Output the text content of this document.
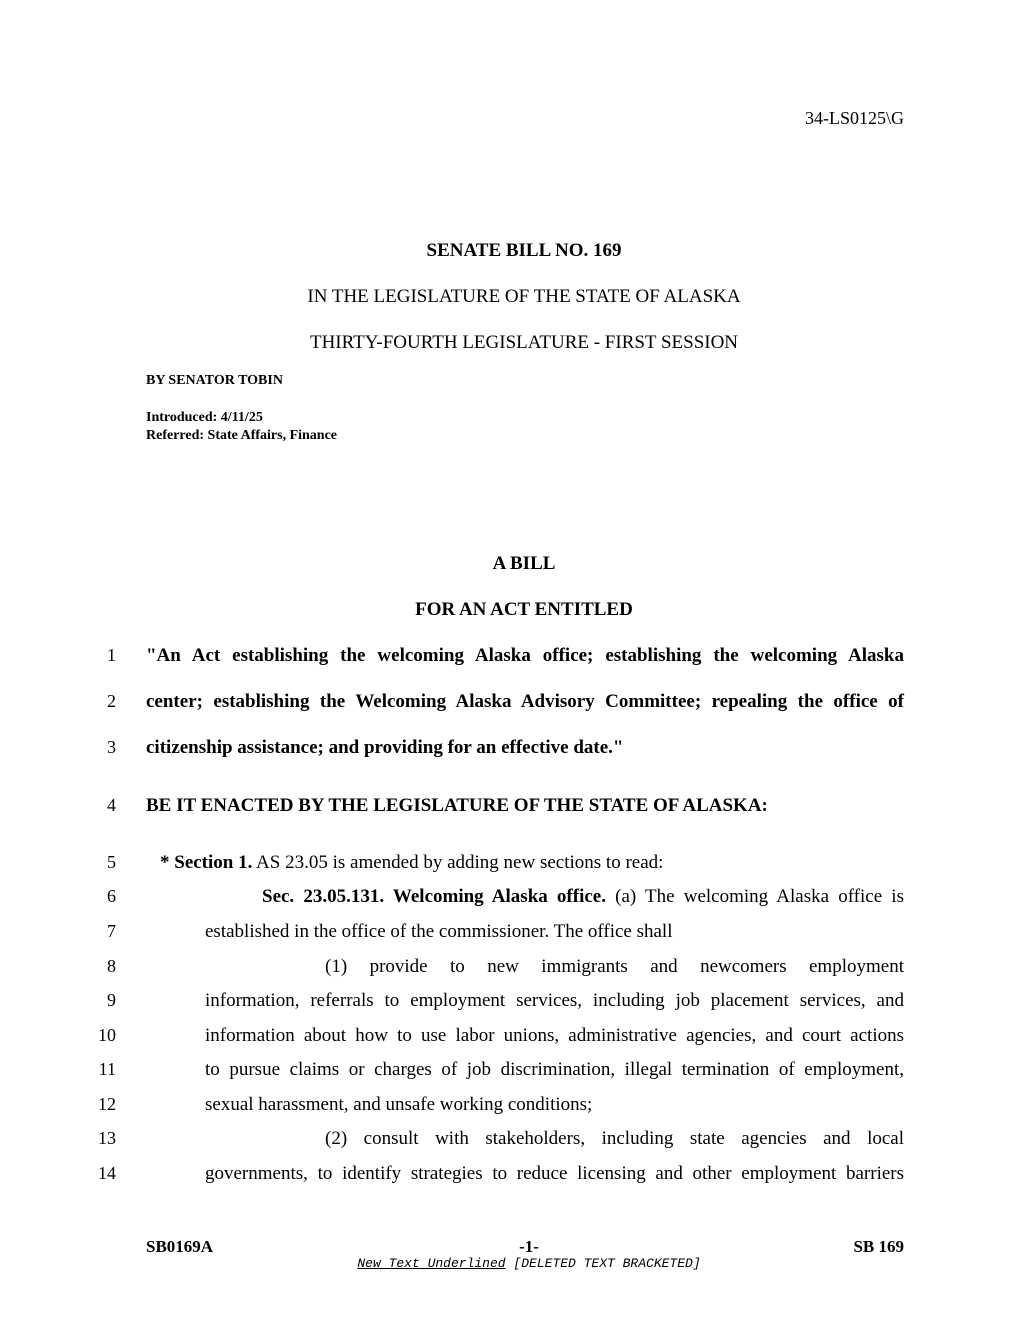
34-LS0125\G
SENATE BILL NO. 169
IN THE LEGISLATURE OF THE STATE OF ALASKA
THIRTY-FOURTH LEGISLATURE - FIRST SESSION
BY SENATOR TOBIN
Introduced: 4/11/25
Referred: State Affairs, Finance
A BILL
FOR AN ACT ENTITLED
1 "An Act establishing the welcoming Alaska office; establishing the welcoming Alaska
2 center; establishing the Welcoming Alaska Advisory Committee; repealing the office of
3 citizenship assistance; and providing for an effective date."
4 BE IT ENACTED BY THE LEGISLATURE OF THE STATE OF ALASKA:
5 * Section 1. AS 23.05 is amended by adding new sections to read:
6	Sec. 23.05.131. Welcoming Alaska office. (a) The welcoming Alaska office is
7	established in the office of the commissioner. The office shall
8	(1) provide to new immigrants and newcomers employment
9	information, referrals to employment services, including job placement services, and
10	information about how to use labor unions, administrative agencies, and court actions
11	to pursue claims or charges of job discrimination, illegal termination of employment,
12	sexual harassment, and unsafe working conditions;
13	(2) consult with stakeholders, including state agencies and local
14	governments, to identify strategies to reduce licensing and other employment barriers
SB0169A	-1-	SB 169
New Text Underlined [DELETED TEXT BRACKETED]
